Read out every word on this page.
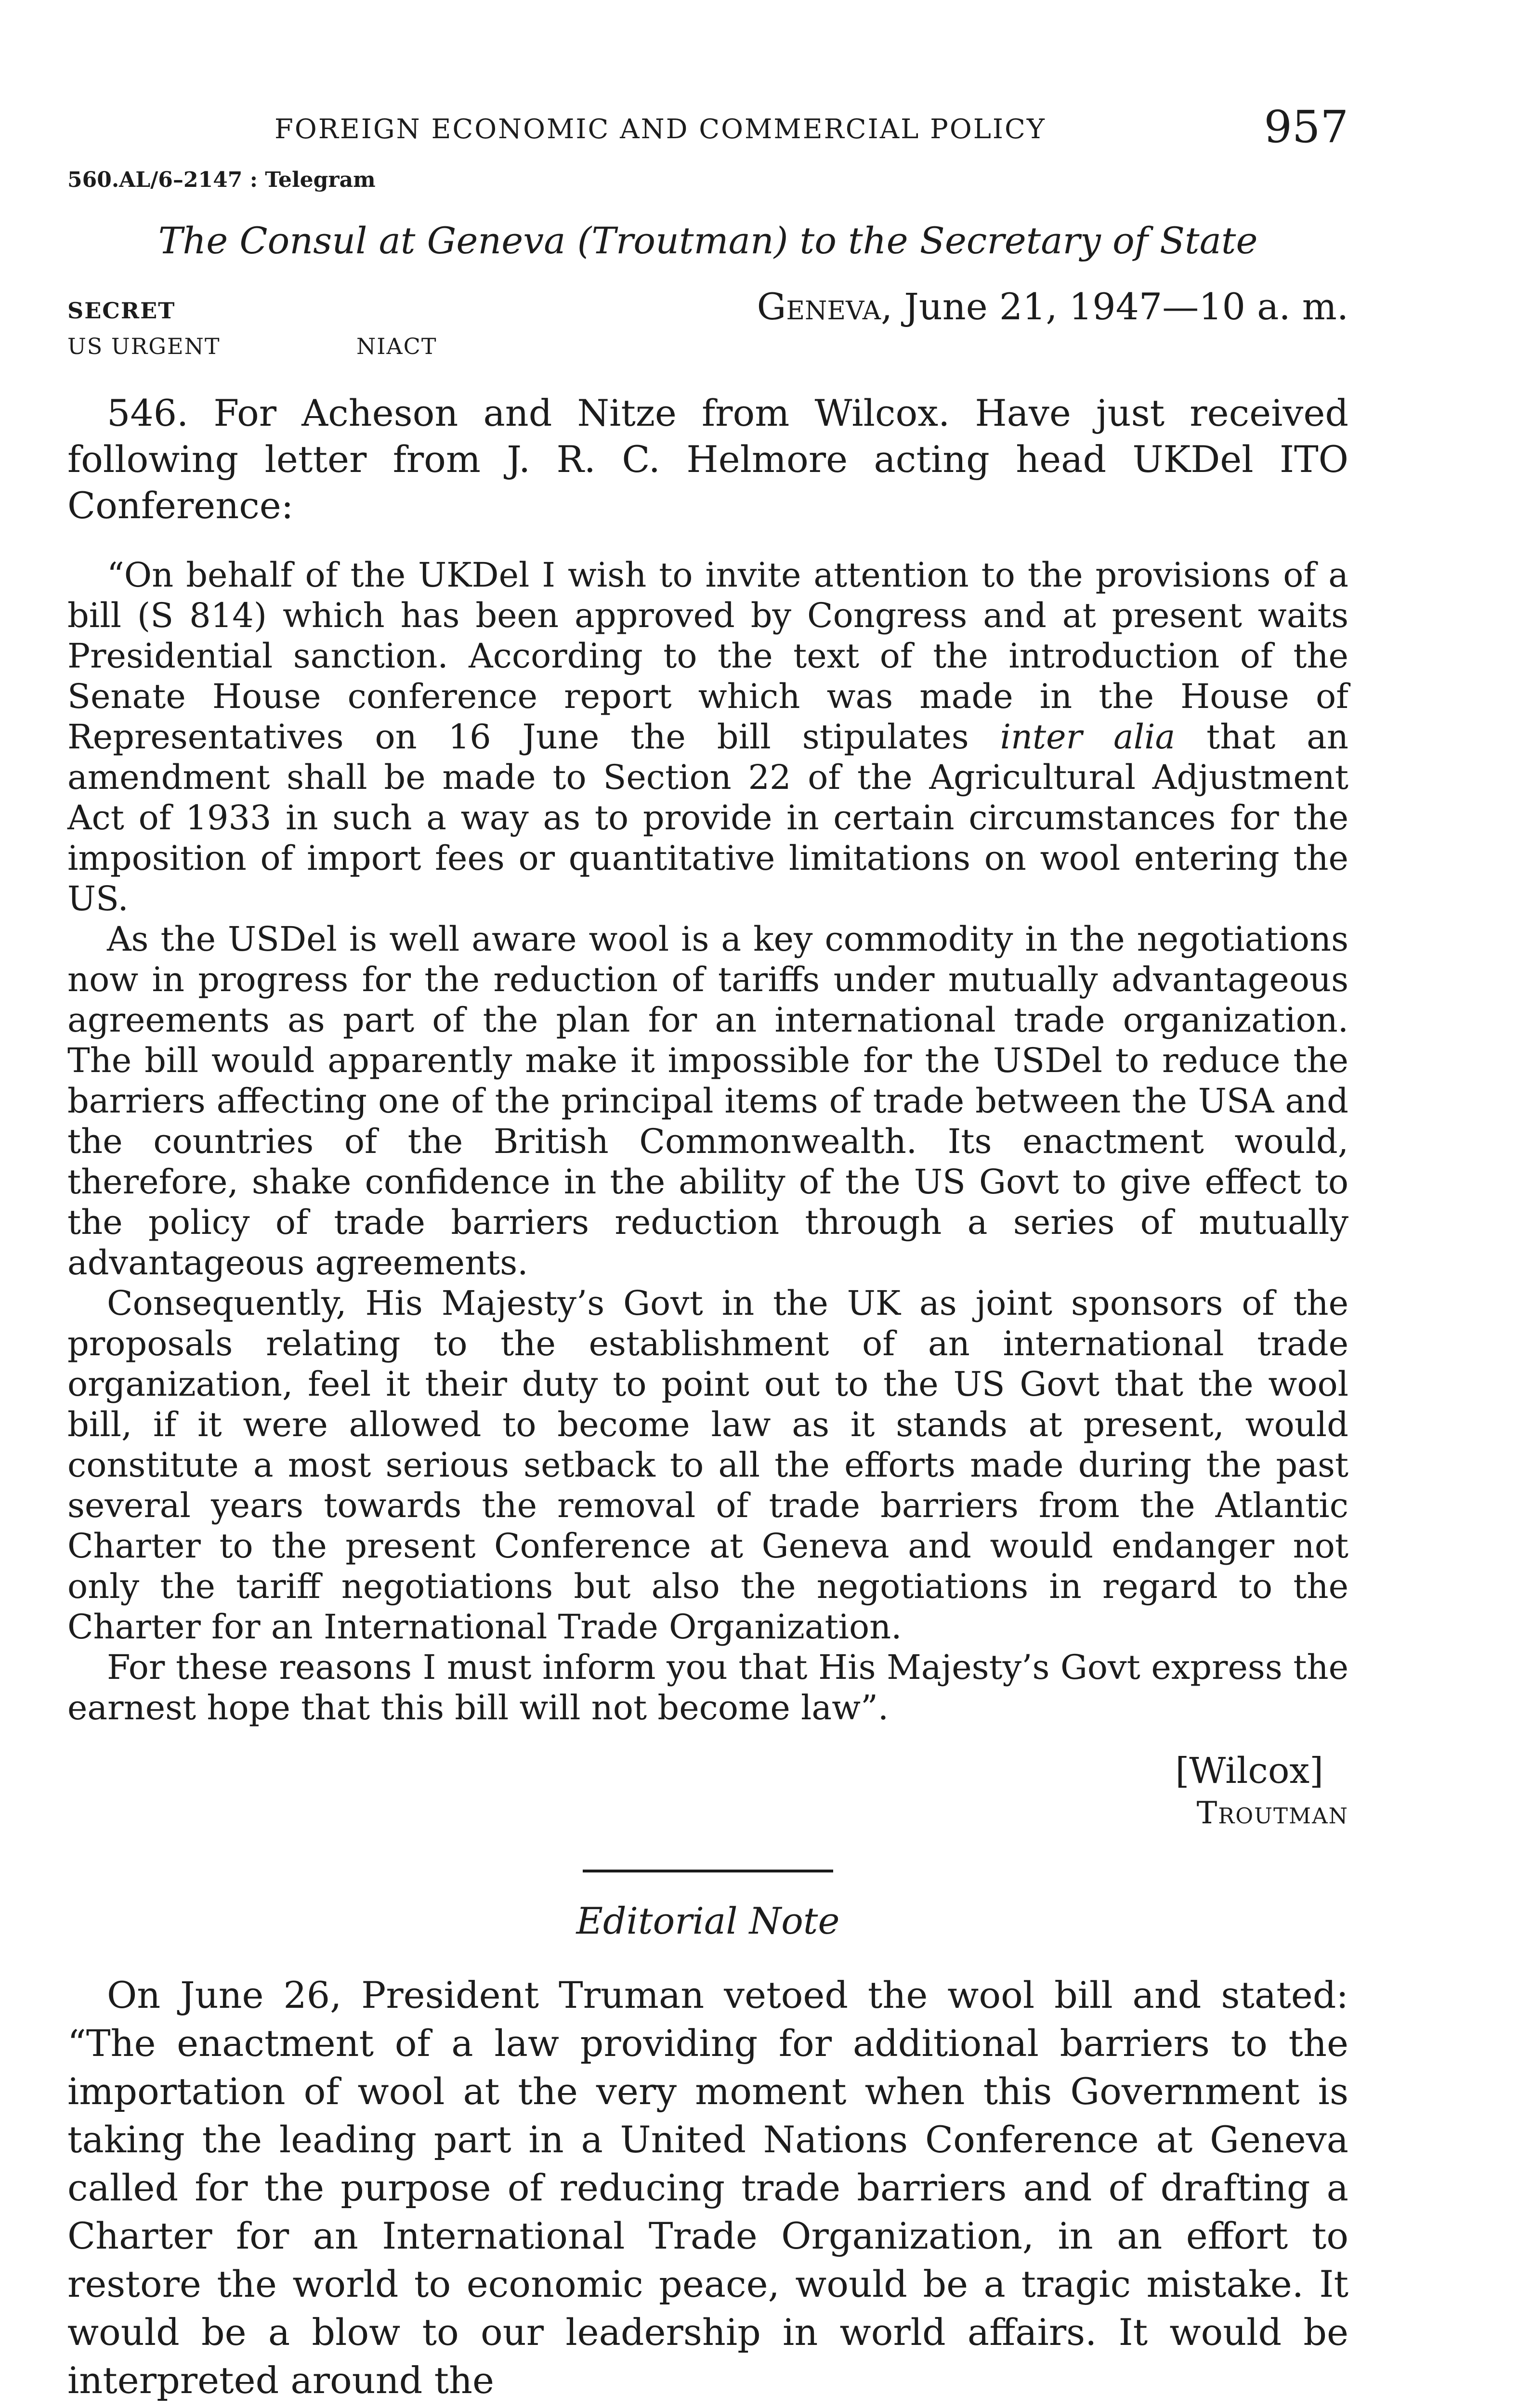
FOREIGN ECONOMIC AND COMMERCIAL POLICY	957
560.AL/6–2147 : Telegram
The Consul at Geneva (Troutman) to the Secretary of State
SECRET	Geneva, June 21, 1947—10 a. m.
US URGENT	NIACT

546. For Acheson and Nitze from Wilcox. Have just received following letter from J. R. C. Helmore acting head UKDel ITO Conference:

“On behalf of the UKDel I wish to invite attention to the provisions of a bill (S 814) which has been approved by Congress and at present waits Presidential sanction. According to the text of the introduction of the Senate House conference report which was made in the House of Representatives on 16 June the bill stipulates inter alia that an amendment shall be made to Section 22 of the Agricultural Adjustment Act of 1933 in such a way as to provide in certain circumstances for the imposition of import fees or quantitative limitations on wool entering the US.

As the USDel is well aware wool is a key commodity in the negotiations now in progress for the reduction of tariffs under mutually advantageous agreements as part of the plan for an international trade organization. The bill would apparently make it impossible for the USDel to reduce the barriers affecting one of the principal items of trade between the USA and the countries of the British Commonwealth. Its enactment would, therefore, shake confidence in the ability of the US Govt to give effect to the policy of trade barriers reduction through a series of mutually advantageous agreements.

Consequently, His Majesty’s Govt in the UK as joint sponsors of the proposals relating to the establishment of an international trade organization, feel it their duty to point out to the US Govt that the wool bill, if it were allowed to become law as it stands at present, would constitute a most serious setback to all the efforts made during the past several years towards the removal of trade barriers from the Atlantic Charter to the present Conference at Geneva and would endanger not only the tariff negotiations but also the negotiations in regard to the Charter for an International Trade Organization.

For these reasons I must inform you that His Majesty’s Govt express the earnest hope that this bill will not become law”.

[Wilcox]
Troutman
Editorial Note

On June 26, President Truman vetoed the wool bill and stated: “The enactment of a law providing for additional barriers to the importation of wool at the very moment when this Government is taking the leading part in a United Nations Conference at Geneva called for the purpose of reducing trade barriers and of drafting a Charter for an International Trade Organization, in an effort to restore the world to economic peace, would be a tragic mistake. It would be a blow to our leadership in world affairs. It would be interpreted around the
